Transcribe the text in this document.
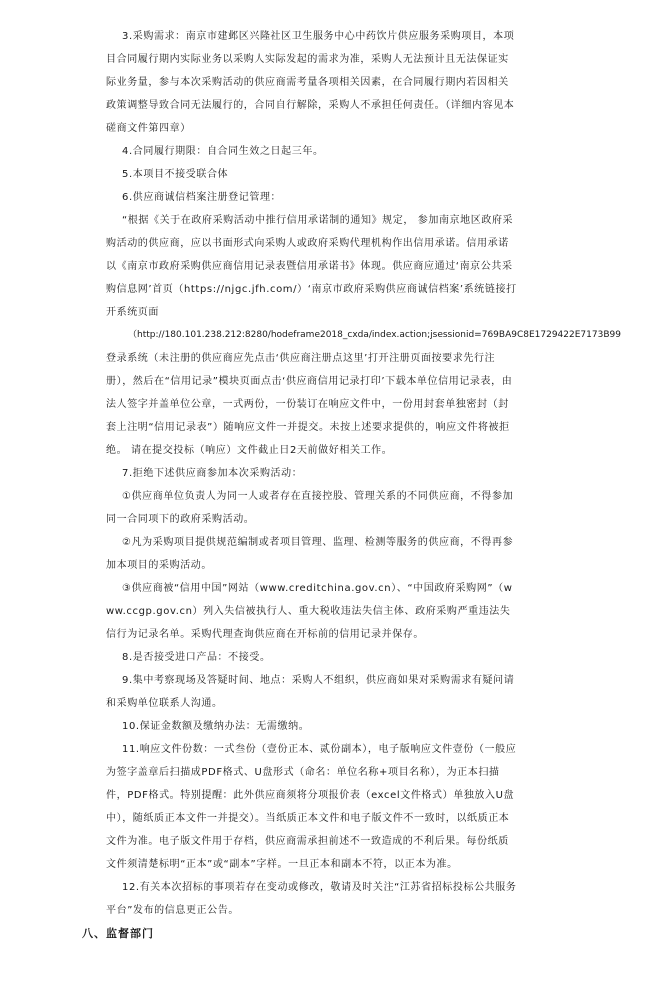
3.采购需求：南京市建邺区兴隆社区卫生服务中心中药饮片供应服务采购项目，本项目合同履行期内实际业务以采购人实际发起的需求为准，采购人无法预计且无法保证实际业务量，参与本次采购活动的供应商需考量各项相关因素，在合同履行期内若因相关政策调整导致合同无法履行的，合同自行解除，采购人不承担任何责任。（详细内容见本磋商文件第四章）

4.合同履行期限：自合同生效之日起三年。

5.本项目不接受联合体

6.供应商诚信档案注册登记管理：

“根据《关于在政府采购活动中推行信用承诺制的通知》规定， 参加南京地区政府采购活动的供应商，应以书面形式向采购人或政府采购代理机构作出信用承诺。信用承诺以《南京市政府采购供应商信用记录表暨信用承诺书》体现。供应商应通过‘南京公共采购信息网’首页（https://njgc.jfh.com/）‘南京市政府采购供应商诚信档案’系统链接打开系统页面

（http://180.101.238.212:8280/hodeframe2018_cxda/index.action;jsessionid=769BA9C8E1729422E7173B99

登录系统（未注册的供应商应先点击‘供应商注册点这里’打开注册页面按要求先行注册），然后在“信用记录”模块页面点击‘供应商信用记录打印’下载本单位信用记录表，由法人签字并盖单位公章，一式两份，一份装订在响应文件中，一份用封套单独密封（封套上注明“信用记录表”）随响应文件一并提交。未按上述要求提供的，响应文件将被拒绝。 请在提交投标（响应）文件截止日2天前做好相关工作。

7.拒绝下述供应商参加本次采购活动：

①供应商单位负责人为同一人或者存在直接控股、管理关系的不同供应商，不得参加同一合同项下的政府采购活动。

②凡为采购项目提供规范编制或者项目管理、监理、检测等服务的供应商，不得再参加本项目的采购活动。

③供应商被“信用中国”网站（www.creditchina.gov.cn）、“中国政府采购网”（www.ccgp.gov.cn）列入失信被执行人、重大税收违法失信主体、政府采购严重违法失信行为记录名单。采购代理查询供应商在开标前的信用记录并保存。

8.是否接受进口产品：不接受。

9.集中考察现场及答疑时间、地点：采购人不组织，供应商如果对采购需求有疑问请和采购单位联系人沟通。

10.保证金数额及缴纳办法：无需缴纳。

11.响应文件份数：一式叁份（壹份正本、贰份副本），电子版响应文件壹份（一般应为签字盖章后扫描成PDF格式、U盘形式（命名：单位名称+项目名称），为正本扫描件，PDF格式。特别提醒：此外供应商须将分项报价表（excel文件格式）单独放入U盘中），随纸质正本文件一并提交）。当纸质正本文件和电子版文件不一致时，以纸质正本文件为准。电子版文件用于存档，供应商需承担前述不一致造成的不利后果。每份纸质文件须清楚标明“正本”或“副本”字样。一旦正本和副本不符，以正本为准。

12.有关本次招标的事项若存在变动或修改，敬请及时关注“江苏省招标投标公共服务平台”发布的信息更正公告。

八、监督部门
